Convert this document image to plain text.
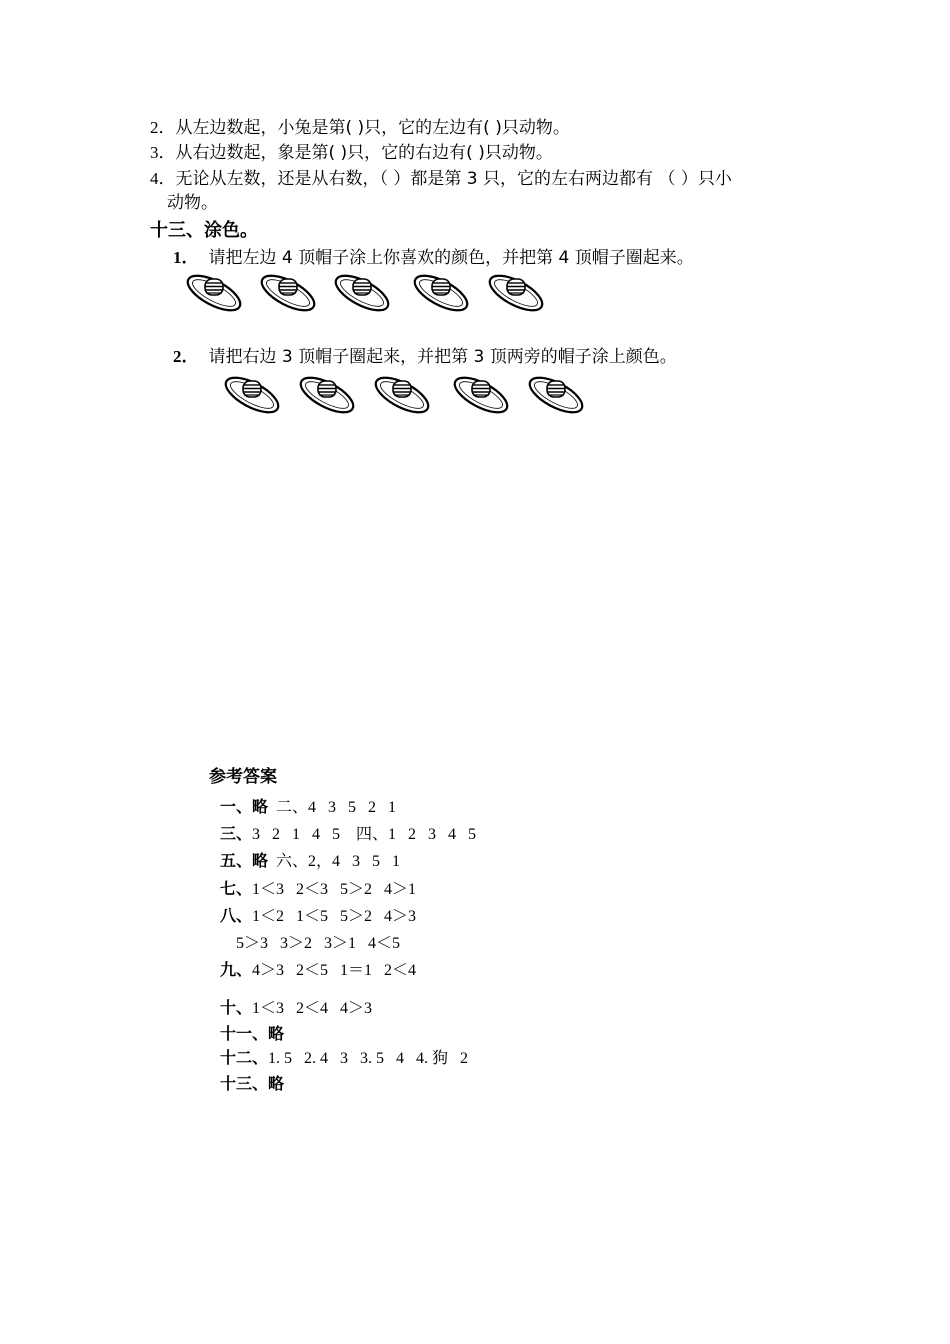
2．从左边数起，小兔是第( )只，它的左边有( )只动物。
3．从右边数起，象是第( )只，它的右边有( )只动物。
4．无论从左数，还是从右数，（ ）都是第 3 只，它的左右两边都有 （ ）只小
动物。
十三、涂色。
1． 请把左边 4 顶帽子涂上你喜欢的颜色，并把第 4 顶帽子圈起来。
2． 请把右边 3 顶帽子圈起来，并把第 3 顶两旁的帽子涂上颜色。
参考答案
一、略  二、4   3   5   2   1
三、3   2   1   4   5    四、1   2   3   4   5
五、略  六、2，4   3   5   1
七、1＜3   2＜3   5＞2   4＞1
八、1＜2   1＜5   5＞2   4＞3
5＞3   3＞2   3＞1   4＜5
九、4＞3   2＜5   1＝1   2＜4
十、1＜3   2＜4   4＞3
十一、略
十二、1. 5   2. 4   3   3. 5   4   4. 狗   2
十三、略
